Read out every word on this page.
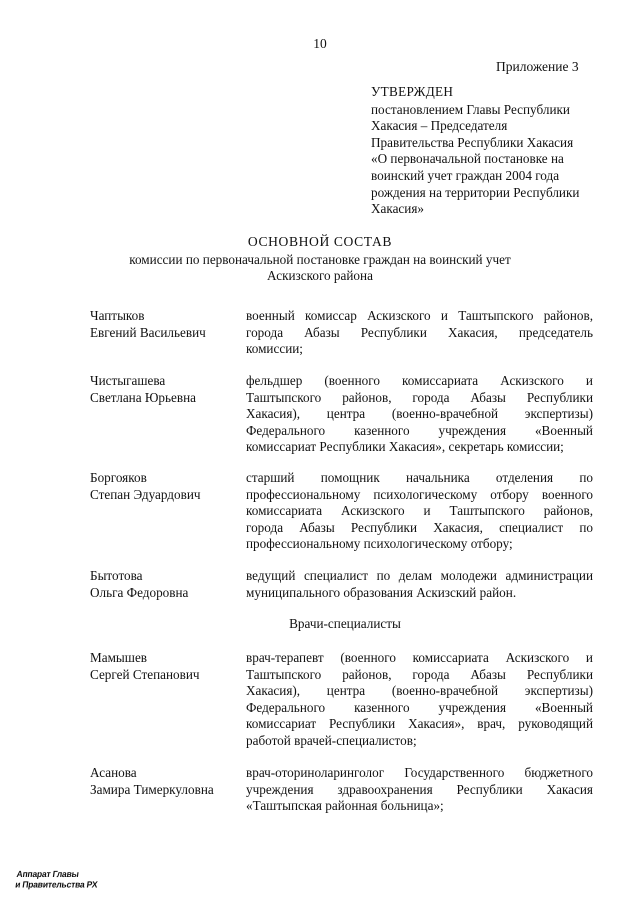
10
Приложение 3
УТВЕРЖДЕН
постановлением Главы Республики
Хакасия – Председателя
Правительства Республики Хакасия
«О первоначальной постановке на
воинский учет граждан 2004 года
рождения на территории Республики
Хакасия»
ОСНОВНОЙ СОСТАВ
комиссии по первоначальной постановке граждан на воинский учет
Аскизского района
Чаптыков
Евгений Васильевич
военный комиссар Аскизского и Таштыпского районов,
города Абазы Республики Хакасия, председатель
комиссии;
Чистыгашева
Светлана Юрьевна
фельдшер (военного комиссариата Аскизского и
Таштыпского районов, города Абазы Республики
Хакасия), центра (военно-врачебной экспертизы)
Федерального казенного учреждения «Военный
комиссариат Республики Хакасия», секретарь комиссии;
Боргояков
Степан Эдуардович
старший помощник начальника отделения по
профессиональному психологическому отбору военного
комиссариата Аскизского и Таштыпского районов,
города Абазы Республики Хакасия, специалист по
профессиональному психологическому отбору;
Бытотова
Ольга Федоровна
ведущий специалист по делам молодежи администрации
муниципального образования Аскизский район.
Врачи-специалисты
Мамышев
Сергей Степанович
врач-терапевт (военного комиссариата Аскизского и
Таштыпского районов, города Абазы Республики
Хакасия), центра (военно-врачебной экспертизы)
Федерального казенного учреждения «Военный
комиссариат Республики Хакасия», врач, руководящий
работой врачей-специалистов;
Асанова
Замира Тимеркуловна
врач-оториноларинголог Государственного бюджетного
учреждения здравоохранения Республики Хакасия
«Таштыпская районная больница»;
Аппарат Главы
и Правительства РХ
